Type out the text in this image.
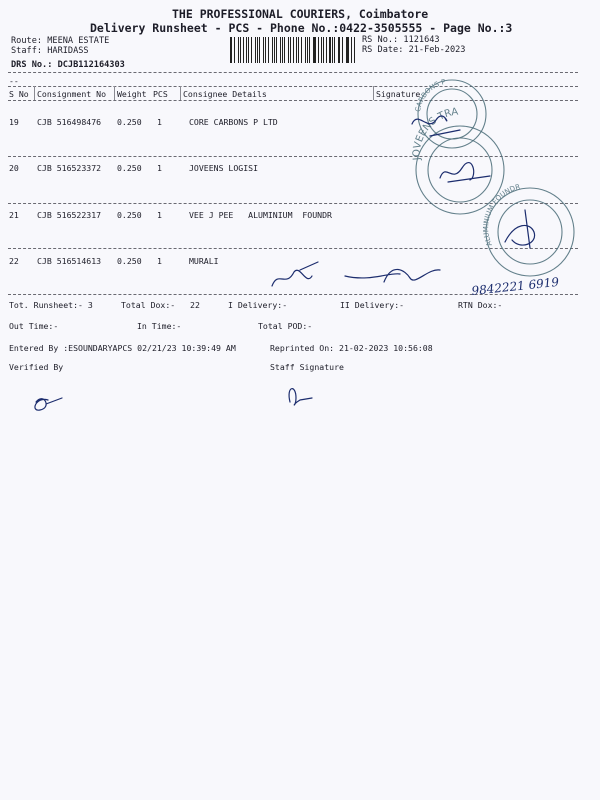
THE PROFESSIONAL COURIERS, Coimbatore
Delivery Runsheet - PCS - Phone No.:0422-3505555 - Page No.:3
Route: MEENA ESTATE
Staff: HARIDASS
DRS No.: DCJB112164303
RS No.: 1121643
RS Date: 21-Feb-2023
--
S No Consignment No Weight PCS Consignee Details	Signature
19 CJB 516498476 0.250 1	CORE CARBONS P LTD
20 CJB 516523372 0.250 1	JOVEENS LOGISI
21 CJB 516522317 0.250 1	VEE J PEE   ALUMINIUM  FOUNDR
22 CJB 516514613 0.250 1	MURALI
Tot. Runsheet:- 3	Total Dox:-   22	I Delivery:-	II Delivery:-	RTN Dox:-
Out Time:-	In Time:-	Total POD:-
Entered By :ESOUNDARYAPCS 02/21/23 10:39:49 AM	Reprinted On: 21-02-2023 10:56:08
Verified By	Staff Signature
CARBONS P
JOVEENS TRA
ALUMINIUM FOUNDR
9842221 6919
